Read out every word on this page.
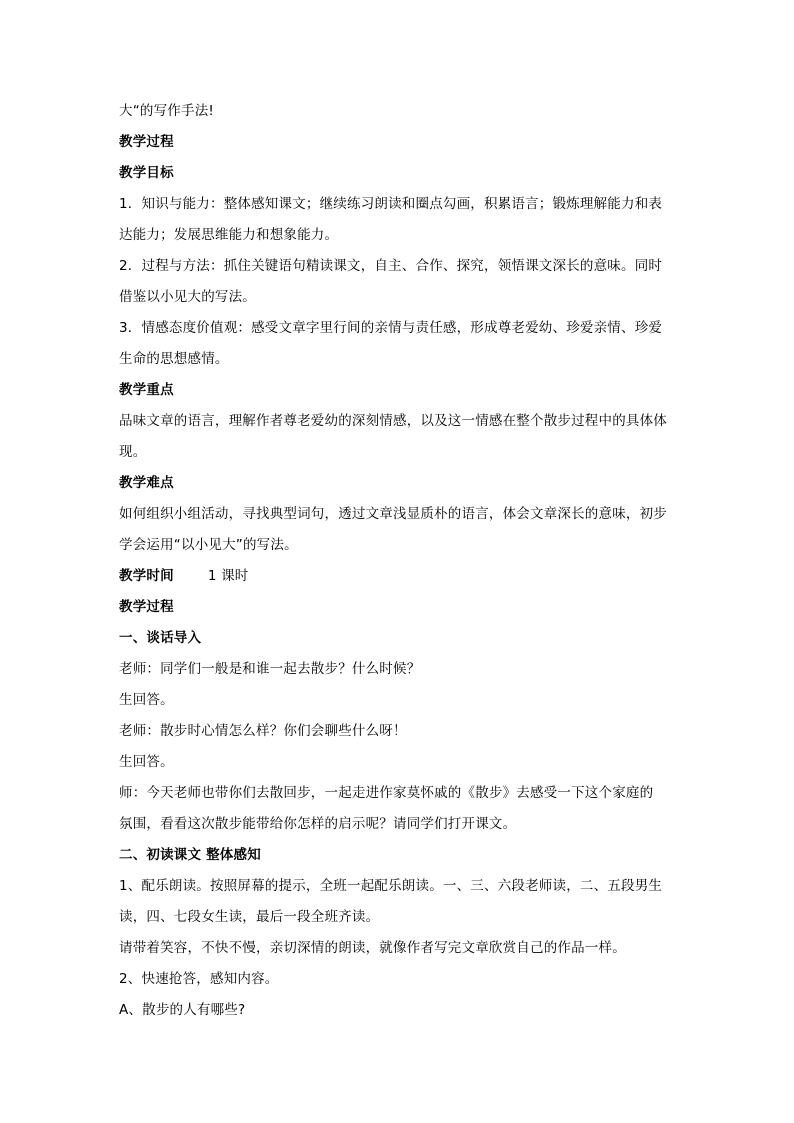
大“的写作手法!
教学过程
教学目标
1．知识与能力：整体感知课文；继续练习朗读和圈点勾画，积累语言；锻炼理解能力和表
达能力；发展思维能力和想象能力。
2．过程与方法：抓住关键语句精读课文，自主、合作、探究，领悟课文深长的意味。同时
借鉴以小见大的写法。
3．情感态度价值观：感受文章字里行间的亲情与责任感，形成尊老爱幼、珍爱亲情、珍爱
生命的思想感情。
教学重点
品味文章的语言，理解作者尊老爱幼的深刻情感，以及这一情感在整个散步过程中的具体体
现。
教学难点
如何组织小组活动，寻找典型词句，透过文章浅显质朴的语言，体会文章深长的意味，初步
学会运用“以小见大”的写法。
教学时间	1 课时
教学过程
一、谈话导入
老师：同学们一般是和谁一起去散步？什么时候？
生回答。
老师：散步时心情怎么样？你们会聊些什么呀！
生回答。
师：今天老师也带你们去散回步，一起走进作家莫怀戚的《散步》去感受一下这个家庭的
氛围，看看这次散步能带给你怎样的启示呢？请同学们打开课文。
二、初读课文 整体感知
1、配乐朗读。按照屏幕的提示，全班一起配乐朗读。一、三、六段老师读，二、五段男生
读，四、七段女生读，最后一段全班齐读。
请带着笑容，不快不慢，亲切深情的朗读，就像作者写完文章欣赏自己的作品一样。
2、快速抢答，感知内容。
A、散步的人有哪些?
